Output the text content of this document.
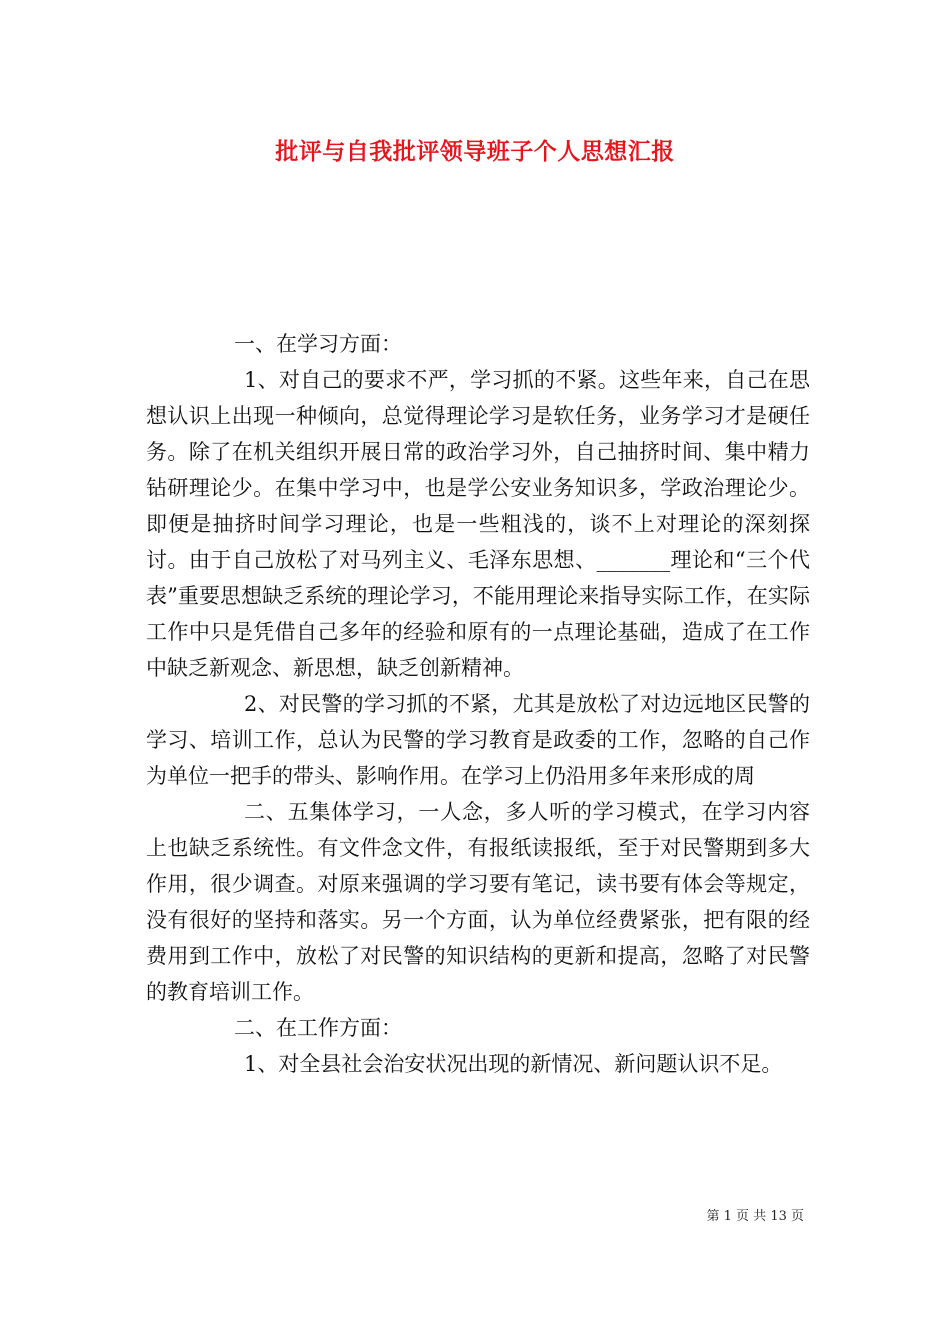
批评与自我批评领导班子个人思想汇报

一、在学习方面：

1、对自己的要求不严，学习抓的不紧。这些年来，自己在思想认识上出现一种倾向，总觉得理论学习是软任务，业务学习才是硬任务。除了在机关组织开展日常的政治学习外，自己抽挤时间、集中精力钻研理论少。在集中学习中，也是学公安业务知识多，学政治理论少。即便是抽挤时间学习理论，也是一些粗浅的，谈不上对理论的深刻探讨。由于自己放松了对马列主义、毛泽东思想、_______理论和“三个代表”重要思想缺乏系统的理论学习，不能用理论来指导实际工作，在实际工作中只是凭借自己多年的经验和原有的一点理论基础，造成了在工作中缺乏新观念、新思想，缺乏创新精神。

2、对民警的学习抓的不紧，尤其是放松了对边远地区民警的学习、培训工作，总认为民警的学习教育是政委的工作，忽略的自己作为单位一把手的带头、影响作用。在学习上仍沿用多年来形成的周

二、五集体学习，一人念，多人听的学习模式，在学习内容上也缺乏系统性。有文件念文件，有报纸读报纸，至于对民警期到多大作用，很少调查。对原来强调的学习要有笔记，读书要有体会等规定，没有很好的坚持和落实。另一个方面，认为单位经费紧张，把有限的经费用到工作中，放松了对民警的知识结构的更新和提高，忽略了对民警的教育培训工作。

二、在工作方面：

1、对全县社会治安状况出现的新情况、新问题认识不足。

第 1 页 共 13 页
